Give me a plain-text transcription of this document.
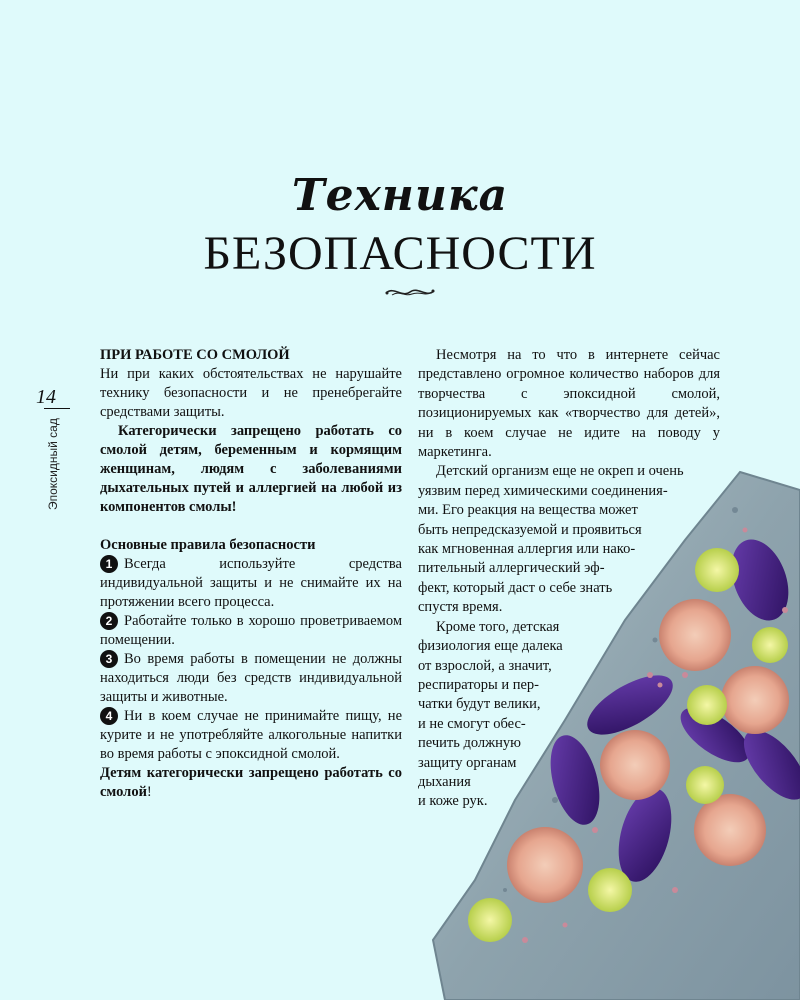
14
Эпоксидный сад
Техника
БЕЗОПАСНОСТИ

ПРИ РАБОТЕ СО СМОЛОЙ

Ни при каких обстоятельствах не нарушайте технику безопасности и не пренебрегайте средствами защиты.

Категорически запрещено работать со смолой детям, беременным и кормящим женщинам, людям с заболеваниями дыхательных путей и аллергией на любой из компонентов смолы!

Основные правила безопасности

1 Всегда используйте средства индивидуальной защиты и не снимайте их на протяжении всего процесса.

2 Работайте только в хорошо проветриваемом помещении.

3 Во время работы в помещении не должны находиться люди без средств индивидуальной защиты и животные.

4 Ни в коем случае не принимайте пищу, не курите и не употребляйте алкогольные напитки во время работы с эпоксидной смолой.

Детям категорически запрещено работать со смолой!

Несмотря на то что в интернете сейчас представлено огромное количество наборов для творчества с эпоксидной смолой, позиционируемых как «творчество для детей», ни в коем случае не идите на поводу у маркетинга.

Детский организм еще не окреп и очень
уязвим перед химическими соединения-
ми. Его реакция на вещества может
быть непредсказуемой и проявиться
как мгновенная аллергия или нако-
пительный аллергический эф-
фект, который даст о себе знать
спустя время.
Кроме того, детская
физиология еще далека
от взрослой, а значит,
респираторы и пер-
чатки будут велики,
и не смогут обес-
печить должную
защиту органам
дыхания
и коже рук.
